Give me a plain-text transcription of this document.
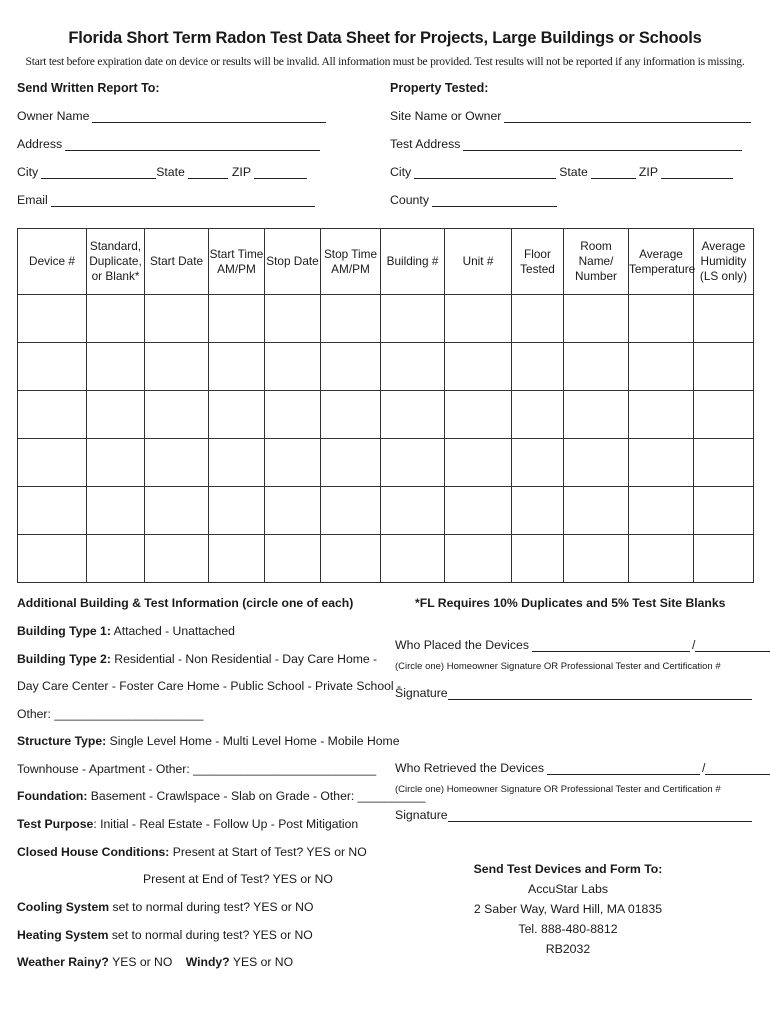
Florida Short Term Radon Test Data Sheet for Projects, Large Buildings or Schools
Start test before expiration date on device or results will be invalid. All information must be provided. Test results will not be reported if any information is missing.
Send Written Report To:
Owner Name
Address
City	State	ZIP
Email
Property Tested:
Site Name or Owner
Test Address
City	State	ZIP
County
Device #	Standard, Duplicate, or Blank*	Start Date	Start Time AM/PM	Stop Date	Stop Time AM/PM	Building #	Unit #	Floor Tested	Room Name/ Number	Average Temperature	Average Humidity (LS only)

Additional Building & Test Information (circle one of each)
Building Type 1: Attached - Unattached
Building Type 2: Residential - Non Residential - Day Care Home -
Day Care Center - Foster Care Home - Public School - Private School -
Other: ______________________
Structure Type: Single Level Home - Multi Level Home - Mobile Home
Townhouse - Apartment - Other: ___________________________
Foundation: Basement - Crawlspace - Slab on Grade - Other: __________
Test Purpose: Initial - Real Estate - Follow Up - Post Mitigation
Closed House Conditions: Present at Start of Test? YES or NO
Present at End of Test? YES or NO
Cooling System set to normal during test? YES or NO
Heating System set to normal during test? YES or NO
Weather Rainy? YES or NO Windy? YES or NO
*FL Requires 10% Duplicates and 5% Test Site Blanks
Who Placed the Devices	/
(Circle one) Homeowner Signature OR Professional Tester and Certification #
Signature
Who Retrieved the Devices	/
(Circle one) Homeowner Signature OR Professional Tester and Certification #
Signature
Send Test Devices and Form To:
AccuStar Labs
2 Saber Way, Ward Hill, MA 01835
Tel. 888-480-8812
RB2032
